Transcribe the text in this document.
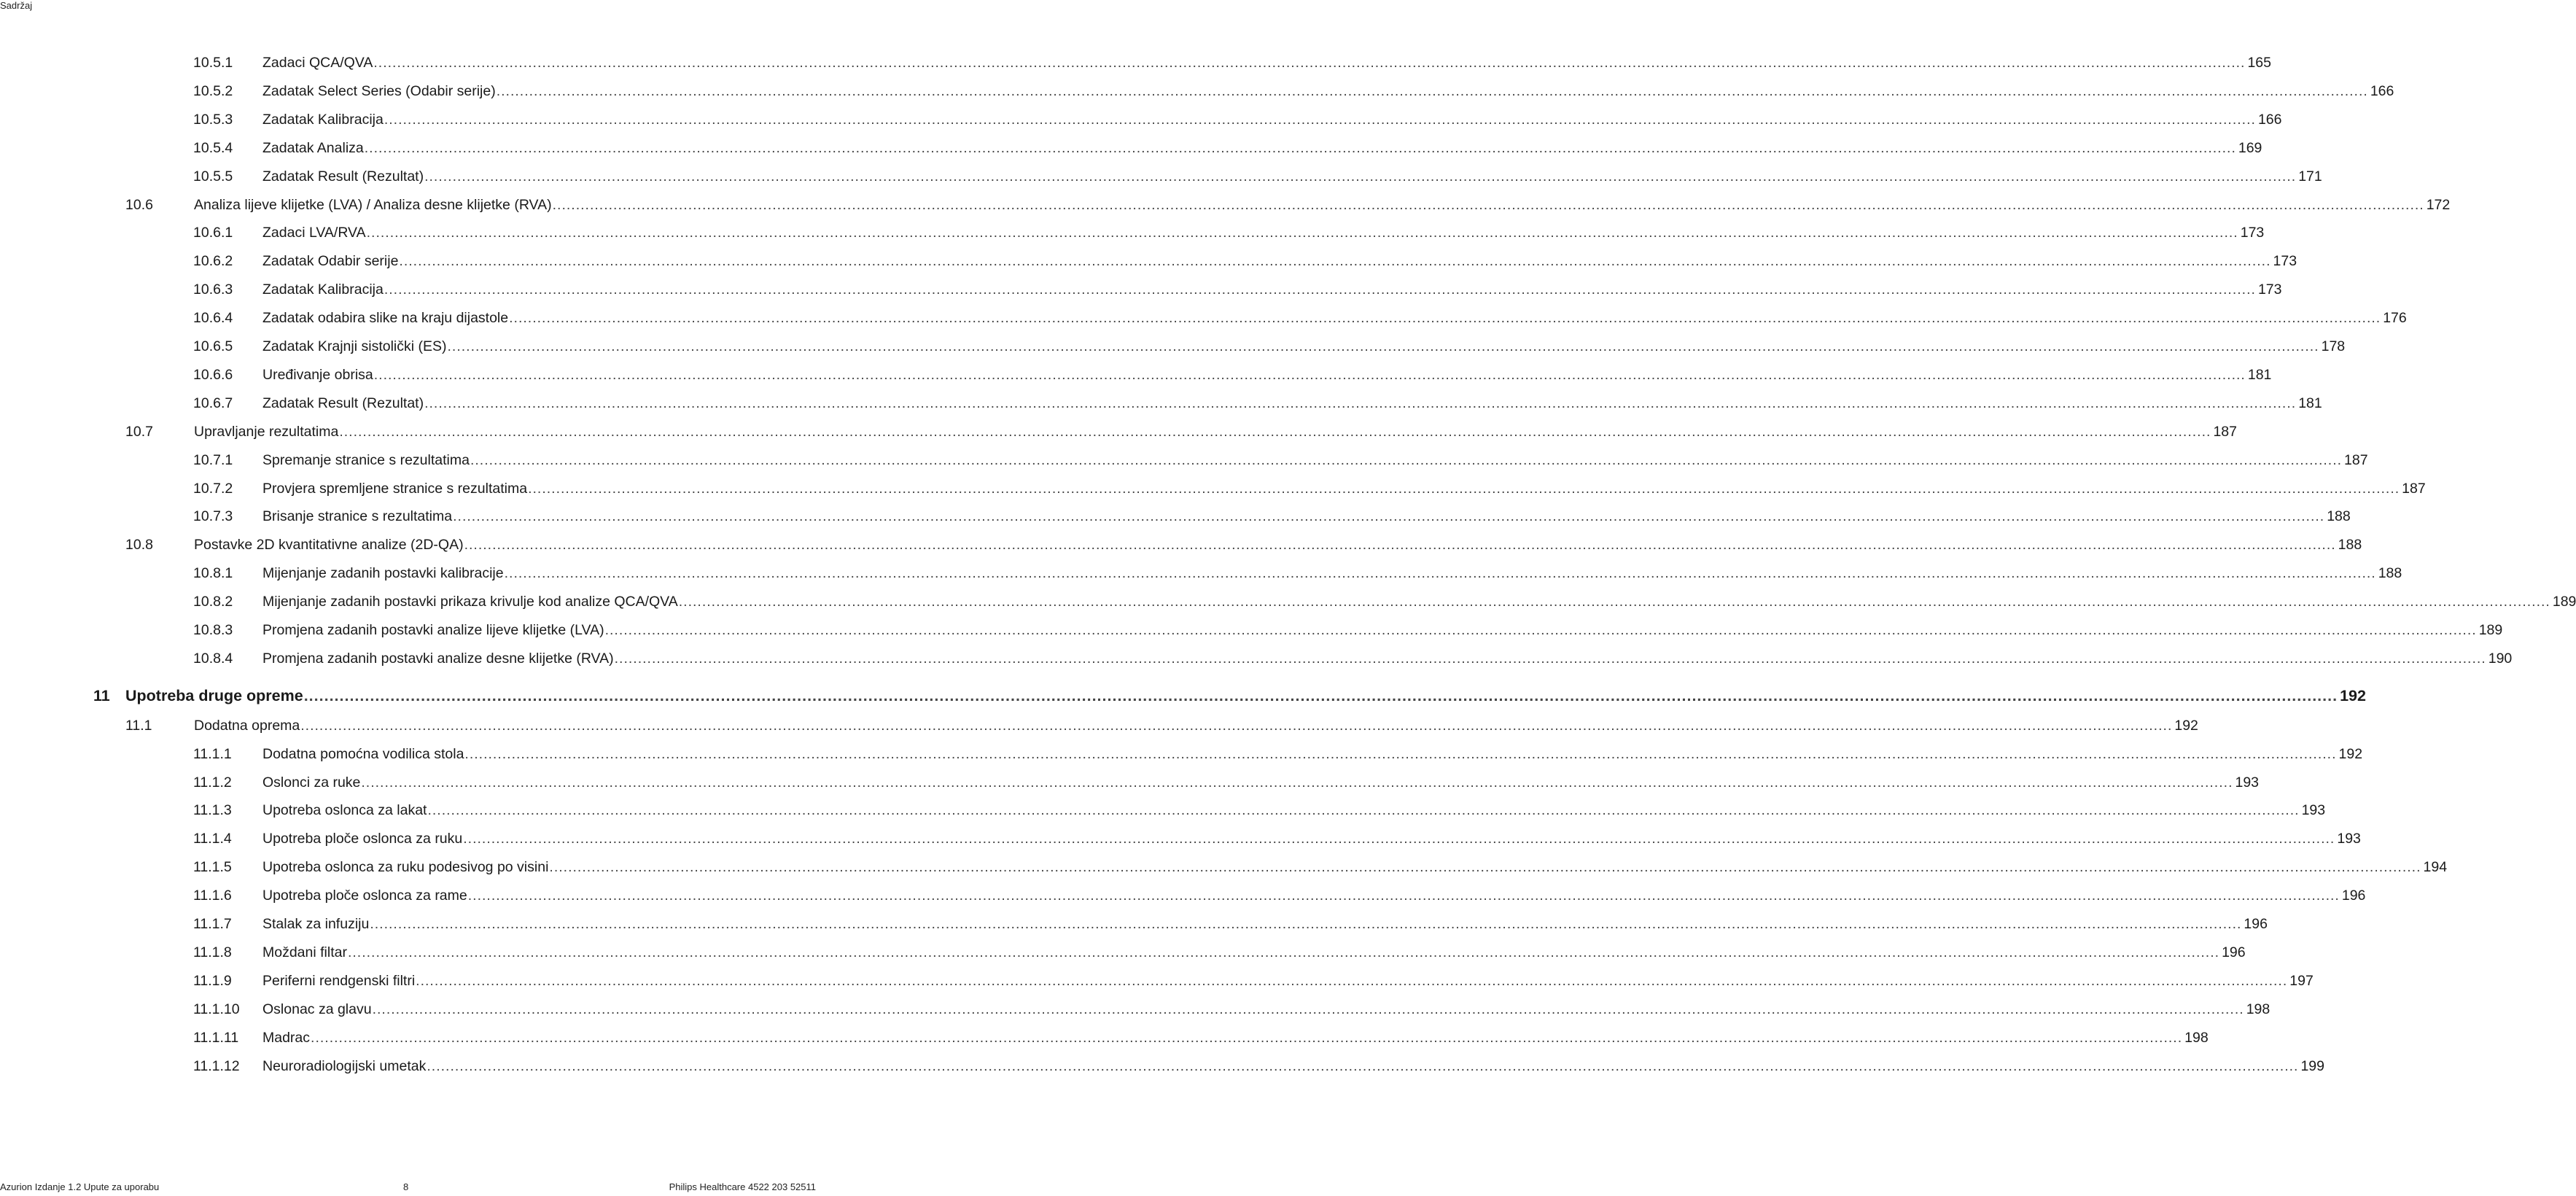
Sadržaj
10.5.1	Zadaci QCA/QVA ................................................................................................................................................................................................................................................................................................................................................................................................................ 165
10.5.2	Zadatak Select Series (Odabir serije) ................................................................................................................................................................................................................................................................................................................................................................................................................ 166
10.5.3	Zadatak Kalibracija ................................................................................................................................................................................................................................................................................................................................................................................................................ 166
10.5.4	Zadatak Analiza ................................................................................................................................................................................................................................................................................................................................................................................................................ 169
10.5.5	Zadatak Result (Rezultat) ................................................................................................................................................................................................................................................................................................................................................................................................................ 171
10.6	Analiza lijeve klijetke (LVA) / Analiza desne klijetke (RVA) ................................................................................................................................................................................................................................................................................................................................................................................................................ 172
10.6.1	Zadaci LVA/RVA ................................................................................................................................................................................................................................................................................................................................................................................................................ 173
10.6.2	Zadatak Odabir serije ................................................................................................................................................................................................................................................................................................................................................................................................................ 173
10.6.3	Zadatak Kalibracija ................................................................................................................................................................................................................................................................................................................................................................................................................ 173
10.6.4	Zadatak odabira slike na kraju dijastole ................................................................................................................................................................................................................................................................................................................................................................................................................ 176
10.6.5	Zadatak Krajnji sistolički (ES) ................................................................................................................................................................................................................................................................................................................................................................................................................ 178
10.6.6	Uređivanje obrisa ................................................................................................................................................................................................................................................................................................................................................................................................................ 181
10.6.7	Zadatak Result (Rezultat) ................................................................................................................................................................................................................................................................................................................................................................................................................ 181
10.7	Upravljanje rezultatima ................................................................................................................................................................................................................................................................................................................................................................................................................ 187
10.7.1	Spremanje stranice s rezultatima ................................................................................................................................................................................................................................................................................................................................................................................................................ 187
10.7.2	Provjera spremljene stranice s rezultatima ................................................................................................................................................................................................................................................................................................................................................................................................................ 187
10.7.3	Brisanje stranice s rezultatima ................................................................................................................................................................................................................................................................................................................................................................................................................ 188
10.8	Postavke 2D kvantitativne analize (2D-QA) ................................................................................................................................................................................................................................................................................................................................................................................................................ 188
10.8.1	Mijenjanje zadanih postavki kalibracije ................................................................................................................................................................................................................................................................................................................................................................................................................ 188
10.8.2	Mijenjanje zadanih postavki prikaza krivulje kod analize QCA/QVA ................................................................................................................................................................................................................................................................................................................................................................................................................ 189
10.8.3	Promjena zadanih postavki analize lijeve klijetke (LVA) ................................................................................................................................................................................................................................................................................................................................................................................................................ 189
10.8.4	Promjena zadanih postavki analize desne klijetke (RVA) ................................................................................................................................................................................................................................................................................................................................................................................................................ 190
11 Upotreba druge opreme ................................................................................................................................................................................................................................................................................................................................................................................................................ 192
11.1	Dodatna oprema ................................................................................................................................................................................................................................................................................................................................................................................................................ 192
11.1.1	Dodatna pomoćna vodilica stola ................................................................................................................................................................................................................................................................................................................................................................................................................ 192
11.1.2	Oslonci za ruke ................................................................................................................................................................................................................................................................................................................................................................................................................ 193
11.1.3	Upotreba oslonca za lakat ................................................................................................................................................................................................................................................................................................................................................................................................................ 193
11.1.4	Upotreba ploče oslonca za ruku ................................................................................................................................................................................................................................................................................................................................................................................................................ 193
11.1.5	Upotreba oslonca za ruku podesivog po visini ................................................................................................................................................................................................................................................................................................................................................................................................................ 194
11.1.6	Upotreba ploče oslonca za rame ................................................................................................................................................................................................................................................................................................................................................................................................................ 196
11.1.7	Stalak za infuziju ................................................................................................................................................................................................................................................................................................................................................................................................................ 196
11.1.8	Moždani filtar ................................................................................................................................................................................................................................................................................................................................................................................................................ 196
11.1.9	Periferni rendgenski filtri ................................................................................................................................................................................................................................................................................................................................................................................................................ 197
11.1.10	Oslonac za glavu ................................................................................................................................................................................................................................................................................................................................................................................................................ 198
11.1.11	Madrac ................................................................................................................................................................................................................................................................................................................................................................................................................ 198
11.1.12	Neuroradiologijski umetak ................................................................................................................................................................................................................................................................................................................................................................................................................ 199
Azurion Izdanje 1.2 Upute za uporabu	8	Philips Healthcare 4522 203 52511
